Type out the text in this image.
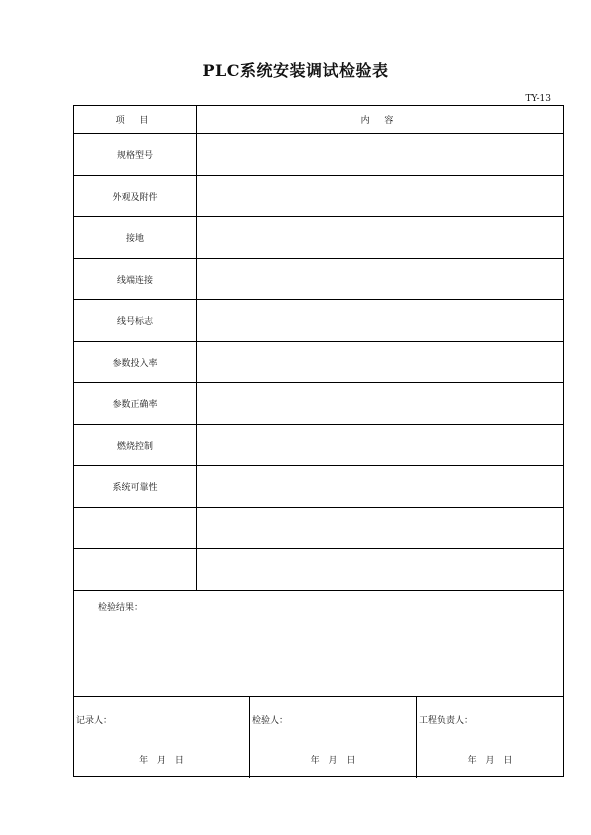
PLC系统安装调试检验表
TY-13
项 目	内 容
规格型号
外观及附件
接地
线端连接
线号标志
参数投入率
参数正确率
燃烧控制
系统可靠性
检验结果：
记录人：
年 月 日
检验人：
年 月 日
工程负责人：
年 月 日
